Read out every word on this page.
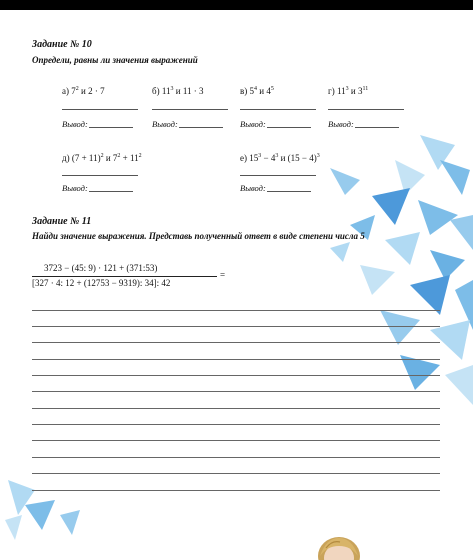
Задание № 10
Определи, равны ли значения выражений
а) $7^2$ и 2 · 7	б) $11^3$ и 11 · 3	в) $5^4$ и $4^5$	г) $11^3$ и $3^{11}$
Вывод:	Вывод:	Вывод:	Вывод:
д) $(7 + 11)^2$ и $7^2 + 11^2$	е) $15^3 - 4^3$ и $(15 - 4)^3$
Вывод:	Вывод:
Задание № 11
Найди значение выражения. Представь полученный ответ в виде степени числа 5
3723 − (45: 9) · 121 + (371:53)
[327 · 4: 12 + (12753 − 9319): 34]: 42
=
